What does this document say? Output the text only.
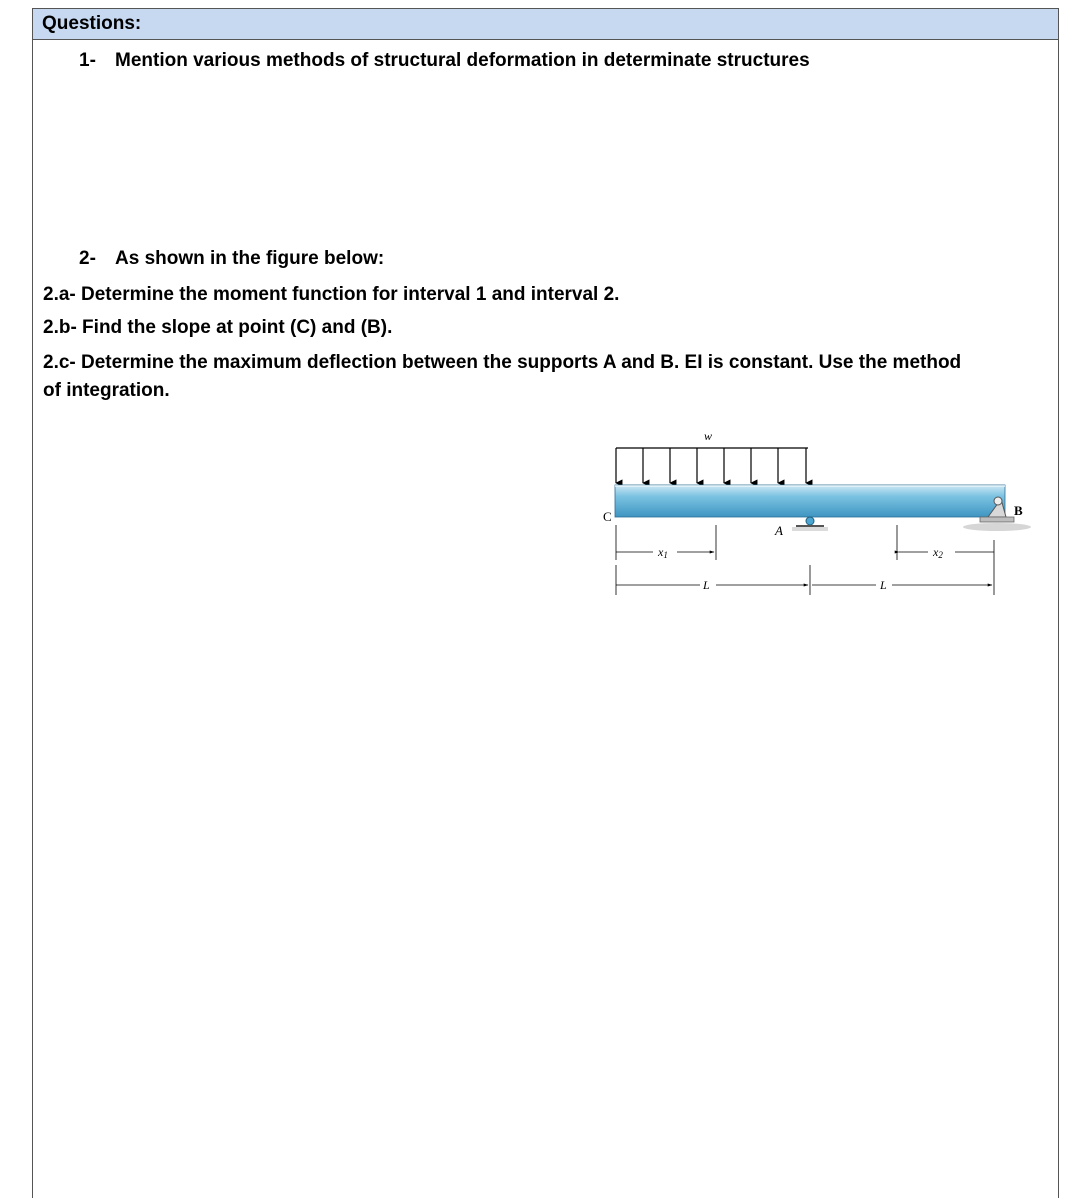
Questions:
1- Mention various methods of structural deformation in determinate structures
2- As shown in the figure below:
2.a- Determine the moment function for interval 1 and interval 2.
2.b- Find the slope at point (C) and (B).
2.c- Determine the maximum deflection between the supports A and B. EI is constant. Use the method
of integration.
w
C
A
B
x1	x2
L	L
